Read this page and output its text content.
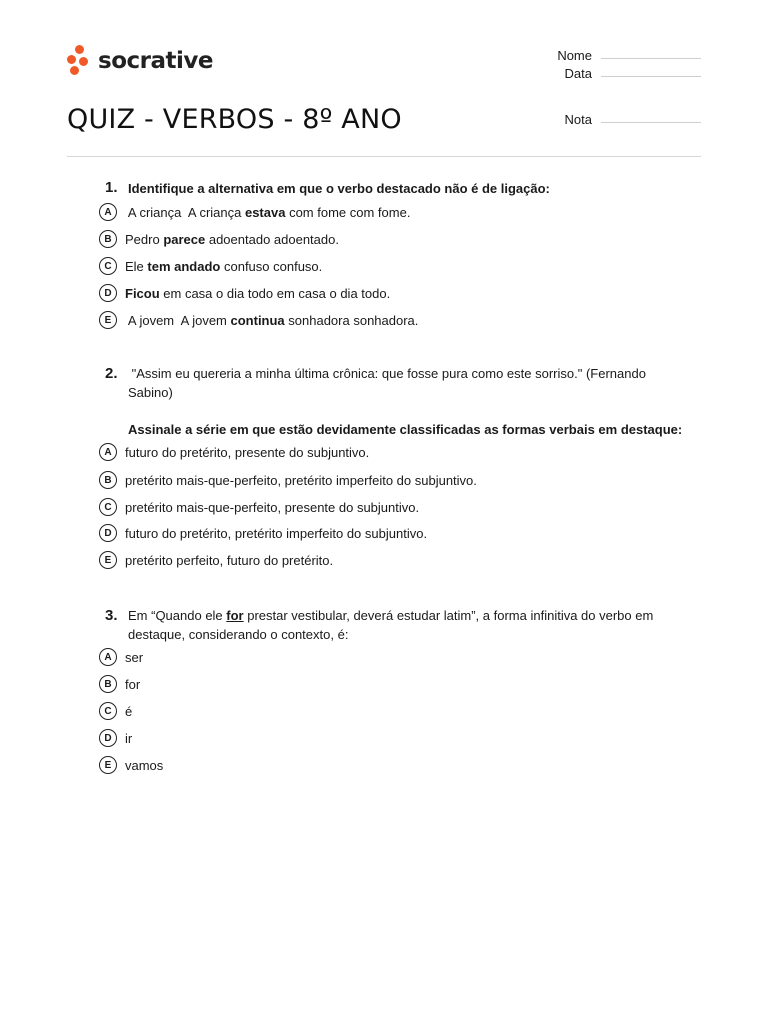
socrative	Nome
Data
Nota
QUIZ - VERBOS - 8º ANO
1. Identifique a alternativa em que o verbo destacado não é de ligação:
A	A criança  A criança estava com fome com fome.
B	Pedro parece adoentado adoentado.
C	Ele tem andado confuso confuso.
D	Ficou em casa o dia todo em casa o dia todo.
E	A jovem  A jovem continua sonhadora sonhadora.
2. "Assim eu quereria a minha última crônica: que fosse pura como este sorriso." (Fernando Sabino)
Assinale a série em que estão devidamente classificadas as formas verbais em destaque:
A	futuro do pretérito, presente do subjuntivo.
B	pretérito mais-que-perfeito, pretérito imperfeito do subjuntivo.
C	pretérito mais-que-perfeito, presente do subjuntivo.
D	futuro do pretérito, pretérito imperfeito do subjuntivo.
E	pretérito perfeito, futuro do pretérito.
3. Em “Quando ele for prestar vestibular, deverá estudar latim”, a forma infinitiva do verbo em destaque, considerando o contexto, é:
A	ser
B	for
C	é
D	ir
E	vamos
